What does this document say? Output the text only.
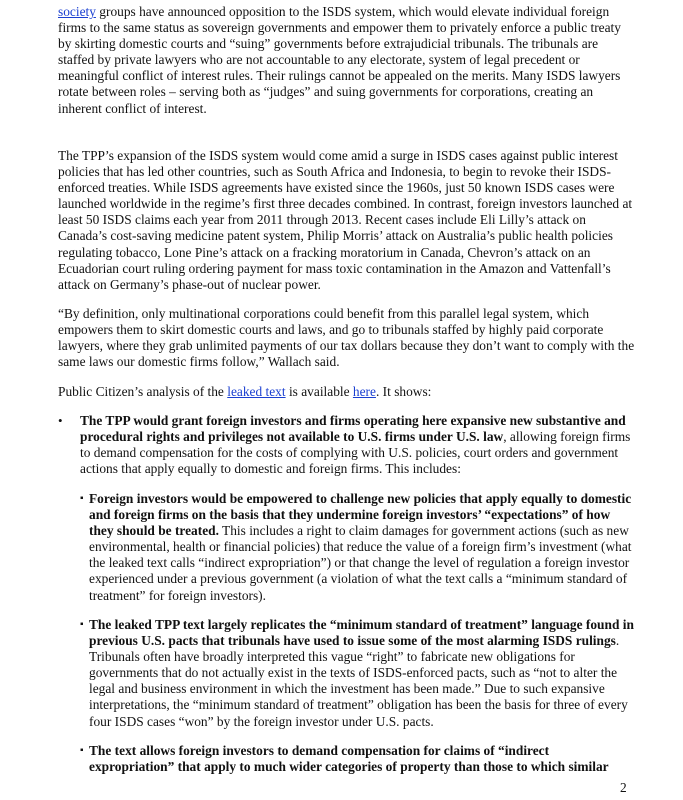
society groups have announced opposition to the ISDS system, which would elevate individual foreign firms to the same status as sovereign governments and empower them to privately enforce a public treaty by skirting domestic courts and “suing” governments before extrajudicial tribunals. The tribunals are staffed by private lawyers who are not accountable to any electorate, system of legal precedent or meaningful conflict of interest rules. Their rulings cannot be appealed on the merits. Many ISDS lawyers rotate between roles – serving both as “judges” and suing governments for corporations, creating an inherent conflict of interest.

The TPP’s expansion of the ISDS system would come amid a surge in ISDS cases against public interest policies that has led other countries, such as South Africa and Indonesia, to begin to revoke their ISDS-enforced treaties. While ISDS agreements have existed since the 1960s, just 50 known ISDS cases were launched worldwide in the regime’s first three decades combined. In contrast, foreign investors launched at least 50 ISDS claims each year from 2011 through 2013. Recent cases include Eli Lilly’s attack on Canada’s cost-saving medicine patent system, Philip Morris’ attack on Australia’s public health policies regulating tobacco, Lone Pine’s attack on a fracking moratorium in Canada, Chevron’s attack on an Ecuadorian court ruling ordering payment for mass toxic contamination in the Amazon and Vattenfall’s attack on Germany’s phase-out of nuclear power.

“By definition, only multinational corporations could benefit from this parallel legal system, which empowers them to skirt domestic courts and laws, and go to tribunals staffed by highly paid corporate lawyers, where they grab unlimited payments of our tax dollars because they don’t want to comply with the same laws our domestic firms follow,” Wallach said.

Public Citizen’s analysis of the leaked text is available here. It shows:

•	The TPP would grant foreign investors and firms operating here expansive new substantive and procedural rights and privileges not available to U.S. firms under U.S. law, allowing foreign firms to demand compensation for the costs of complying with U.S. policies, court orders and government actions that apply equally to domestic and foreign firms. This includes:
▪ Foreign investors would be empowered to challenge new policies that apply equally to domestic and foreign firms on the basis that they undermine foreign investors’ “expectations” of how they should be treated. This includes a right to claim damages for government actions (such as new environmental, health or financial policies) that reduce the value of a foreign firm’s investment (what the leaked text calls “indirect expropriation”) or that change the level of regulation a foreign investor experienced under a previous government (a violation of what the text calls a “minimum standard of treatment” for foreign investors).
▪ The leaked TPP text largely replicates the “minimum standard of treatment” language found in previous U.S. pacts that tribunals have used to issue some of the most alarming ISDS rulings. Tribunals often have broadly interpreted this vague “right” to fabricate new obligations for governments that do not actually exist in the texts of ISDS-enforced pacts, such as “not to alter the legal and business environment in which the investment has been made.” Due to such expansive interpretations, the “minimum standard of treatment” obligation has been the basis for three of every four ISDS cases “won” by the foreign investor under U.S. pacts.
▪ The text allows foreign investors to demand compensation for claims of “indirect expropriation” that apply to much wider categories of property than those to which similar
2
